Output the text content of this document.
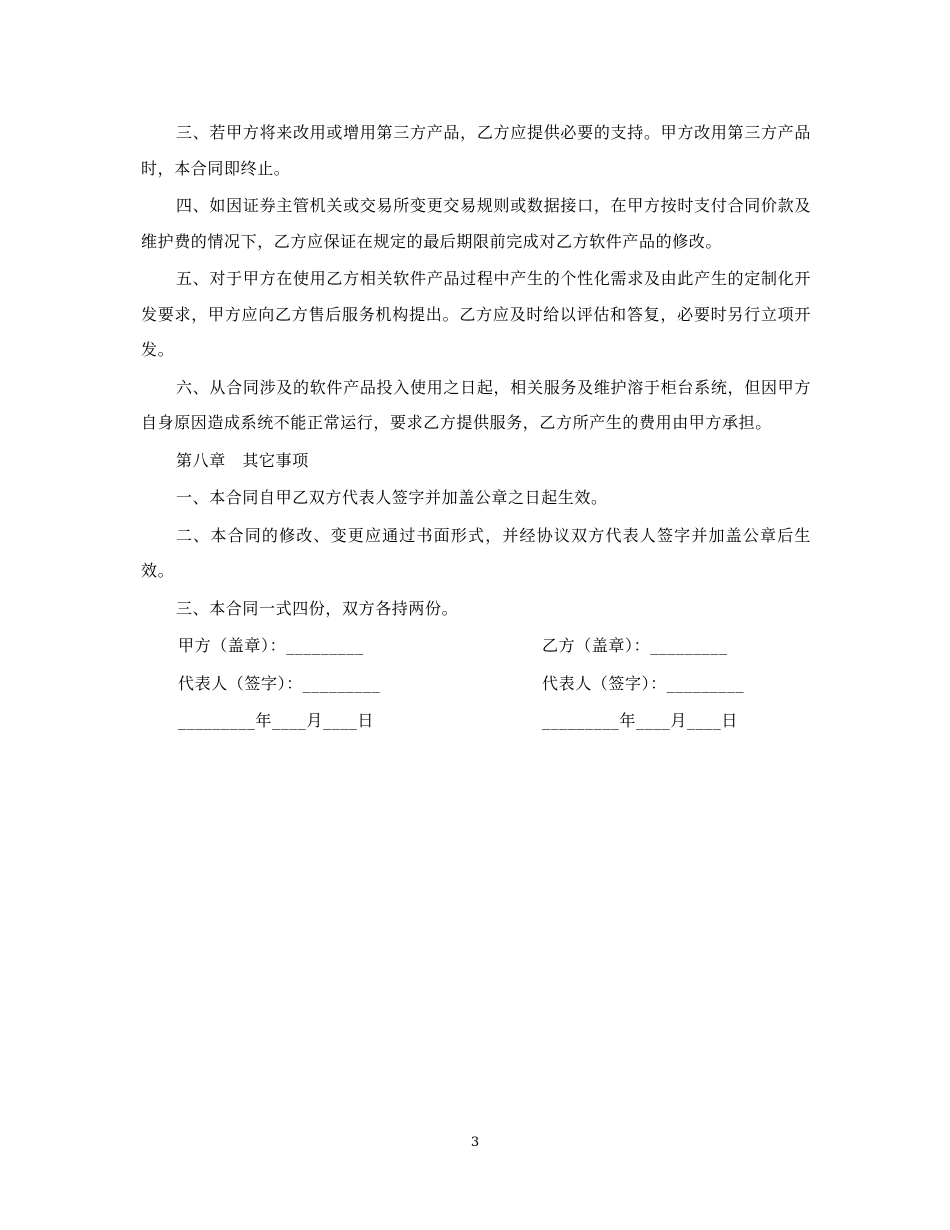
三、若甲方将来改用或增用第三方产品，乙方应提供必要的支持。甲方改用第三方产品时，本合同即终止。

四、如因证券主管机关或交易所变更交易规则或数据接口，在甲方按时支付合同价款及维护费的情况下，乙方应保证在规定的最后期限前完成对乙方软件产品的修改。

五、对于甲方在使用乙方相关软件产品过程中产生的个性化需求及由此产生的定制化开发要求，甲方应向乙方售后服务机构提出。乙方应及时给以评估和答复，必要时另行立项开发。

六、从合同涉及的软件产品投入使用之日起，相关服务及维护溶于柜台系统，但因甲方自身原因造成系统不能正常运行，要求乙方提供服务，乙方所产生的费用由甲方承担。

第八章　其它事项

一、本合同自甲乙双方代表人签字并加盖公章之日起生效。

二、本合同的修改、变更应通过书面形式，并经协议双方代表人签字并加盖公章后生效。

三、本合同一式四份，双方各持两份。

甲方（盖章）：_________	乙方（盖章）：_________
代表人（签字）：_________	代表人（签字）：_________
_________年____月____日	_________年____月____日
3
